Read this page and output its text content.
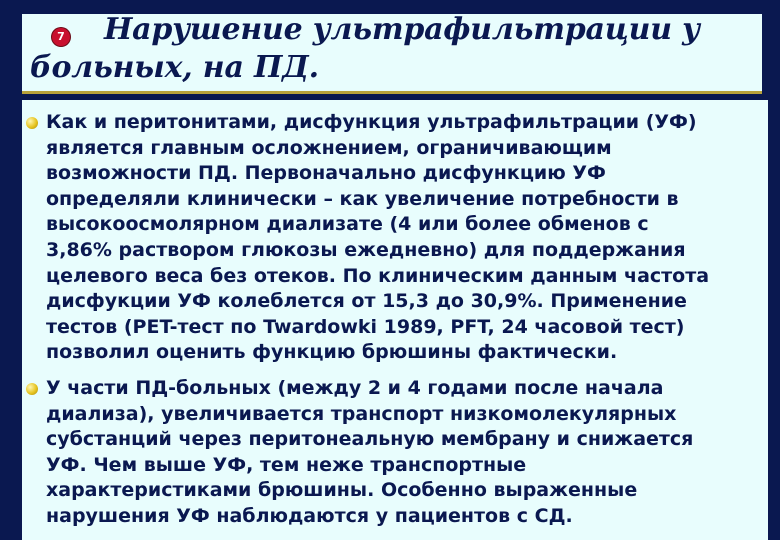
7 Нарушение ультрафильтрации у
больных, на ПД.

Как и перитонитами, дисфункция ультрафильтрации (УФ)
является главным осложнением, ограничивающим
возможности ПД. Первоначально дисфункцию УФ
определяли клинически – как увеличение потребности в
высокоосмолярном диализате (4 или более обменов с
3,86% раствором глюкозы ежедневно) для поддержания
целевого веса без отеков. По клиническим данным частота
дисфукции УФ колеблется от 15,3 до 30,9%. Применение
тестов (PET-тест по Twardowki 1989, PFT, 24 часовой тест)
позволил оценить функцию брюшины фактически.

У части ПД-больных (между 2 и 4 годами после начала
диализа), увеличивается транспорт низкомолекулярных
субстанций через перитонеальную мембрану и снижается
УФ. Чем выше УФ, тем неже транспортные
характеристиками брюшины. Особенно выраженные
нарушения УФ наблюдаются у пациентов с СД.
